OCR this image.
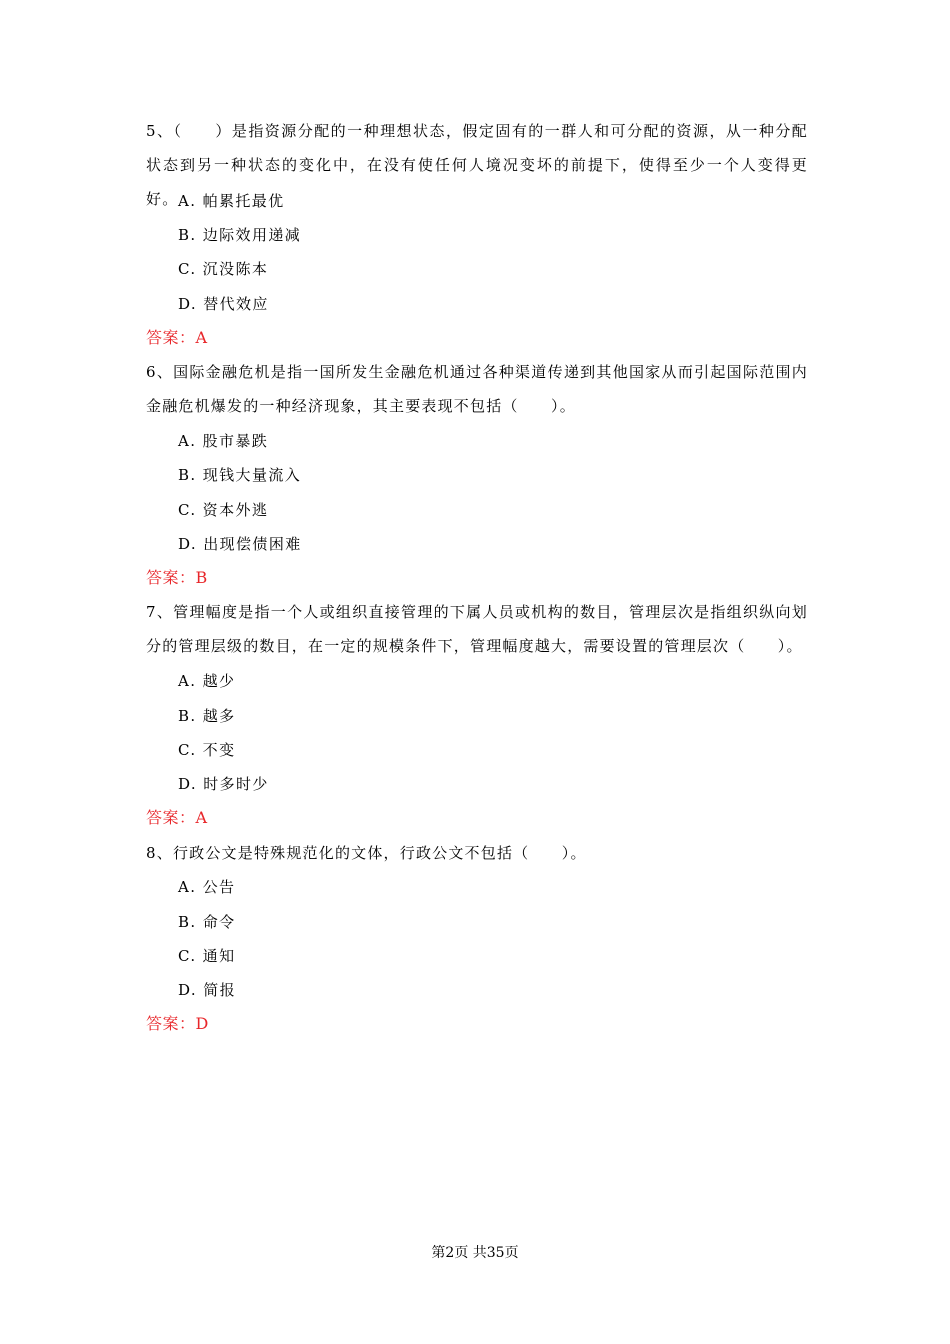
5、（　　）是指资源分配的一种理想状态，假定固有的一群人和可分配的资源，从一种分配状态到另一种状态的变化中，在没有使任何人境况变坏的前提下，使得至少一个人变得更好。 A. 帕累托最优
B. 边际效用递减
C. 沉没陈本
D. 替代效应
答案：A
6、国际金融危机是指一国所发生金融危机通过各种渠道传递到其他国家从而引起国际范围内金融危机爆发的一种经济现象，其主要表现不包括（　　）。
A. 股市暴跌
B. 现钱大量流入
C. 资本外逃
D. 出现偿债困难
答案：B
7、管理幅度是指一个人或组织直接管理的下属人员或机构的数目，管理层次是指组织纵向划分的管理层级的数目，在一定的规模条件下，管理幅度越大，需要设置的管理层次（　　）。
A. 越少
B. 越多
C. 不变
D. 时多时少
答案：A
8、行政公文是特殊规范化的文体，行政公文不包括（　　）。
A. 公告
B. 命令
C. 通知
D. 简报
答案：D
第2页 共35页
